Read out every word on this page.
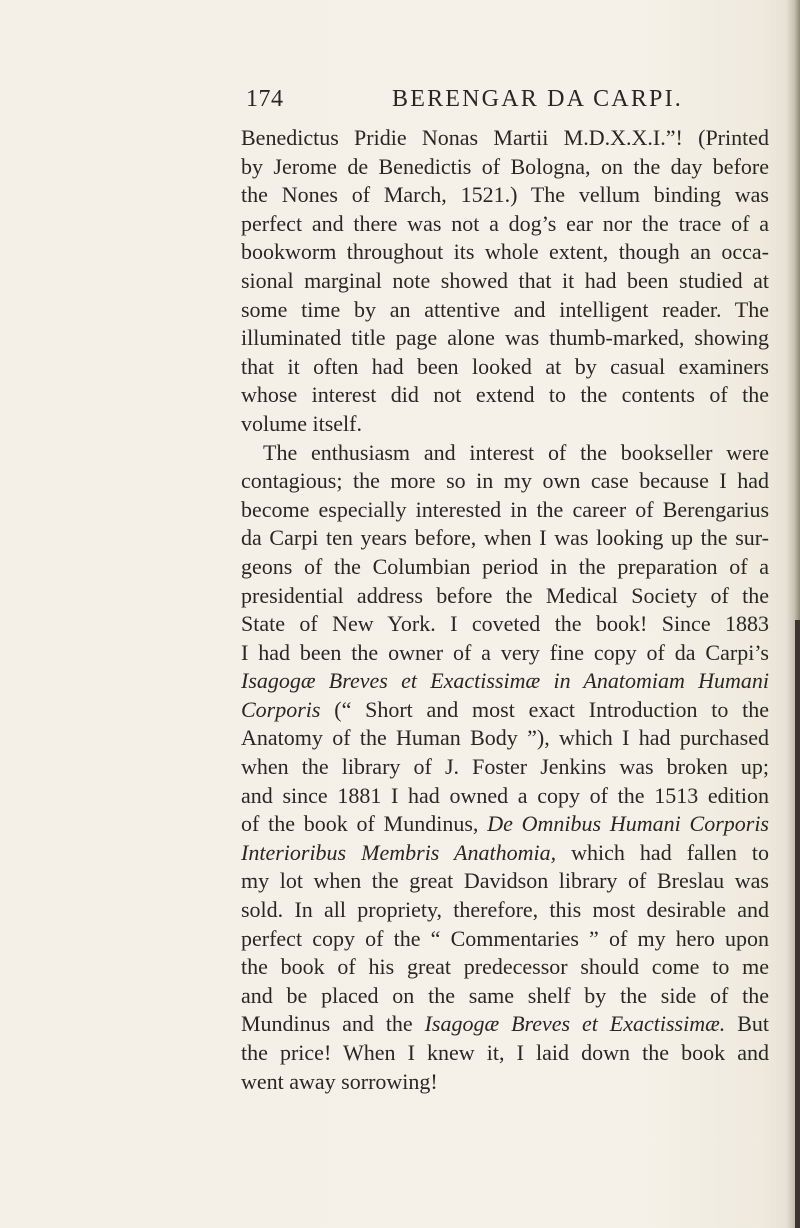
174	BERENGAR DA CARPI.
Benedictus Pridie Nonas Martii M.D.X.X.I.”! (Printed
by Jerome de Benedictis of Bologna, on the day before
the Nones of March, 1521.) The vellum binding was
perfect and there was not a dog’s ear nor the trace of a
bookworm throughout its whole extent, though an occa-
sional marginal note showed that it had been studied at
some time by an attentive and intelligent reader. The
illuminated title page alone was thumb-marked, showing
that it often had been looked at by casual examiners
whose interest did not extend to the contents of the
volume itself.
The enthusiasm and interest of the bookseller were
contagious; the more so in my own case because I had
become especially interested in the career of Berengarius
da Carpi ten years before, when I was looking up the sur-
geons of the Columbian period in the preparation of a
presidential address before the Medical Society of the
State of New York. I coveted the book! Since 1883
I had been the owner of a very fine copy of da Carpi’s
Isagogæ Breves et Exactissimæ in Anatomiam Humani
Corporis (“ Short and most exact Introduction to the
Anatomy of the Human Body ”), which I had purchased
when the library of J. Foster Jenkins was broken up;
and since 1881 I had owned a copy of the 1513 edition
of the book of Mundinus, De Omnibus Humani Corporis
Interioribus Membris Anathomia, which had fallen to
my lot when the great Davidson library of Breslau was
sold. In all propriety, therefore, this most desirable and
perfect copy of the “ Commentaries ” of my hero upon
the book of his great predecessor should come to me
and be placed on the same shelf by the side of the
Mundinus and the Isagogæ Breves et Exactissimæ. But
the price! When I knew it, I laid down the book and
went away sorrowing!
